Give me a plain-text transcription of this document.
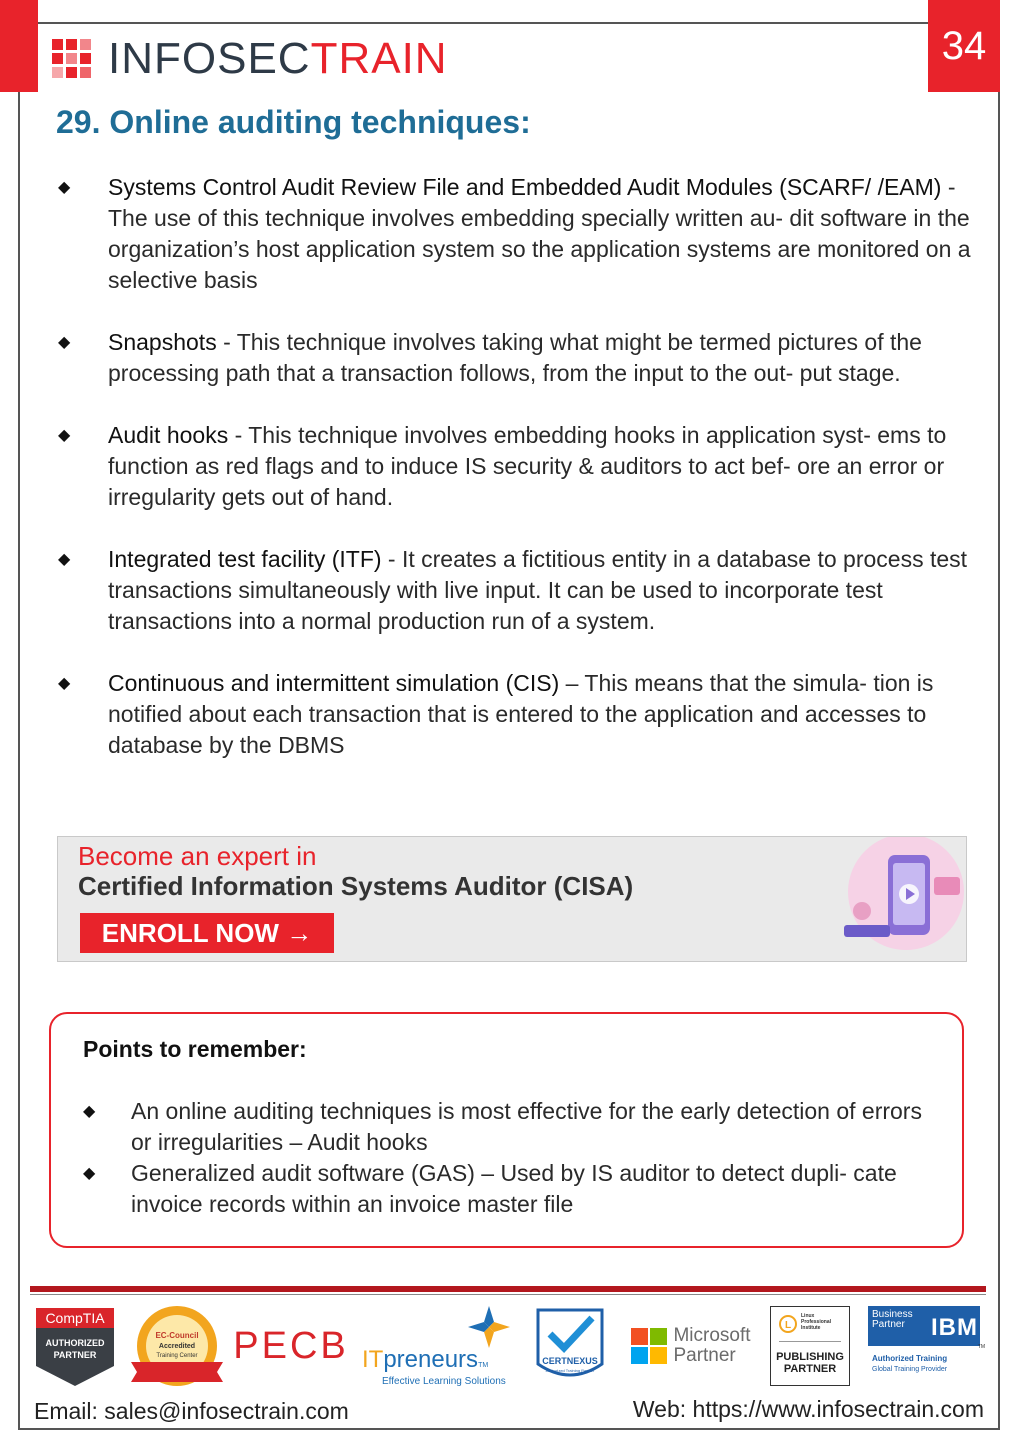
34
INFOSECTRAIN
29. Online auditing techniques:
◆ Systems Control Audit Review File and Embedded Audit Modules (SCARF/ /EAM) - The use of this technique involves embedding specially written au- dit software in the organization’s host application system so the application systems are monitored on a selective basis
◆ Snapshots - This technique involves taking what might be termed pictures of the processing path that a transaction follows, from the input to the out- put stage.
◆ Audit hooks - This technique involves embedding hooks in application syst- ems to function as red flags and to induce IS security & auditors to act bef- ore an error or irregularity gets out of hand.
◆ Integrated test facility (ITF) - It creates a fictitious entity in a database to process test transactions simultaneously with live input. It can be used to incorporate test transactions into a normal production run of a system.
◆ Continuous and intermittent simulation (CIS) – This means that the simula- tion is notified about each transaction that is entered to the application and accesses to database by the DBMS
Become an expert in
Certified Information Systems Auditor (CISA)
ENROLL NOW →
Points to remember:
◆ An online auditing techniques is most effective for the early detection of errors or irregularities – Audit hooks
◆ Generalized audit software (GAS) – Used by IS auditor to detect dupli- cate invoice records within an invoice master file
CompTIA
AUTHORIZED
PARTNER
EC-Council
Accredited
Training Center PECB ITpreneursTM
Effective Learning Solutions
CERTNEXUS
Authorized Training Partner
Microsoft
Partner
L
Linux
Professional
Institute
PUBLISHING
PARTNER
Business
Partner	IBM
TM
Authorized Training
Global Training Provider
Email: sales@infosectrain.com	Web: https://www.infosectrain.com
